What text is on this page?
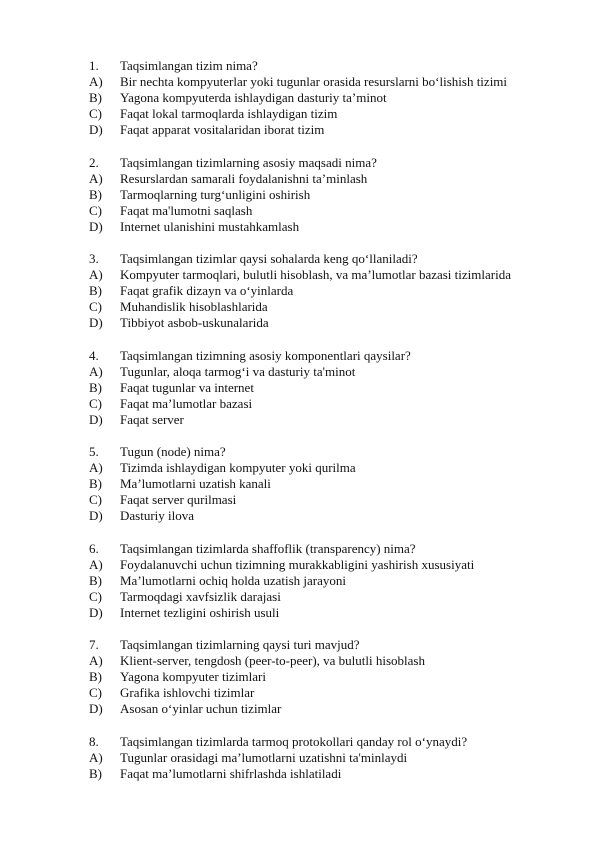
1. Taqsimlangan tizim nima?
A) Bir nechta kompyuterlar yoki tugunlar orasida resurslarni bo‘lishish tizimi
B) Yagona kompyuterda ishlaydigan dasturiy ta’minot
C) Faqat lokal tarmoqlarda ishlaydigan tizim
D) Faqat apparat vositalaridan iborat tizim
2. Taqsimlangan tizimlarning asosiy maqsadi nima?
A) Resurslardan samarali foydalanishni ta’minlash
B) Tarmoqlarning turg‘unligini oshirish
C) Faqat ma'lumotni saqlash
D) Internet ulanishini mustahkamlash
3. Taqsimlangan tizimlar qaysi sohalarda keng qo‘llaniladi?
A) Kompyuter tarmoqlari, bulutli hisoblash, va ma’lumotlar bazasi tizimlarida
B) Faqat grafik dizayn va o‘yinlarda
C) Muhandislik hisoblashlarida
D) Tibbiyot asbob-uskunalarida
4. Taqsimlangan tizimning asosiy komponentlari qaysilar?
A) Tugunlar, aloqa tarmog‘i va dasturiy ta'minot
B) Faqat tugunlar va internet
C) Faqat ma’lumotlar bazasi
D) Faqat server
5. Tugun (node) nima?
A) Tizimda ishlaydigan kompyuter yoki qurilma
B) Ma’lumotlarni uzatish kanali
C) Faqat server qurilmasi
D) Dasturiy ilova
6. Taqsimlangan tizimlarda shaffoflik (transparency) nima?
A) Foydalanuvchi uchun tizimning murakkabligini yashirish xususiyati
B) Ma’lumotlarni ochiq holda uzatish jarayoni
C) Tarmoqdagi xavfsizlik darajasi
D) Internet tezligini oshirish usuli
7. Taqsimlangan tizimlarning qaysi turi mavjud?
A) Klient-server, tengdosh (peer-to-peer), va bulutli hisoblash
B) Yagona kompyuter tizimlari
C) Grafika ishlovchi tizimlar
D) Asosan o‘yinlar uchun tizimlar
8. Taqsimlangan tizimlarda tarmoq protokollari qanday rol o‘ynaydi?
A) Tugunlar orasidagi ma’lumotlarni uzatishni ta'minlaydi
B) Faqat ma’lumotlarni shifrlashda ishlatiladi
